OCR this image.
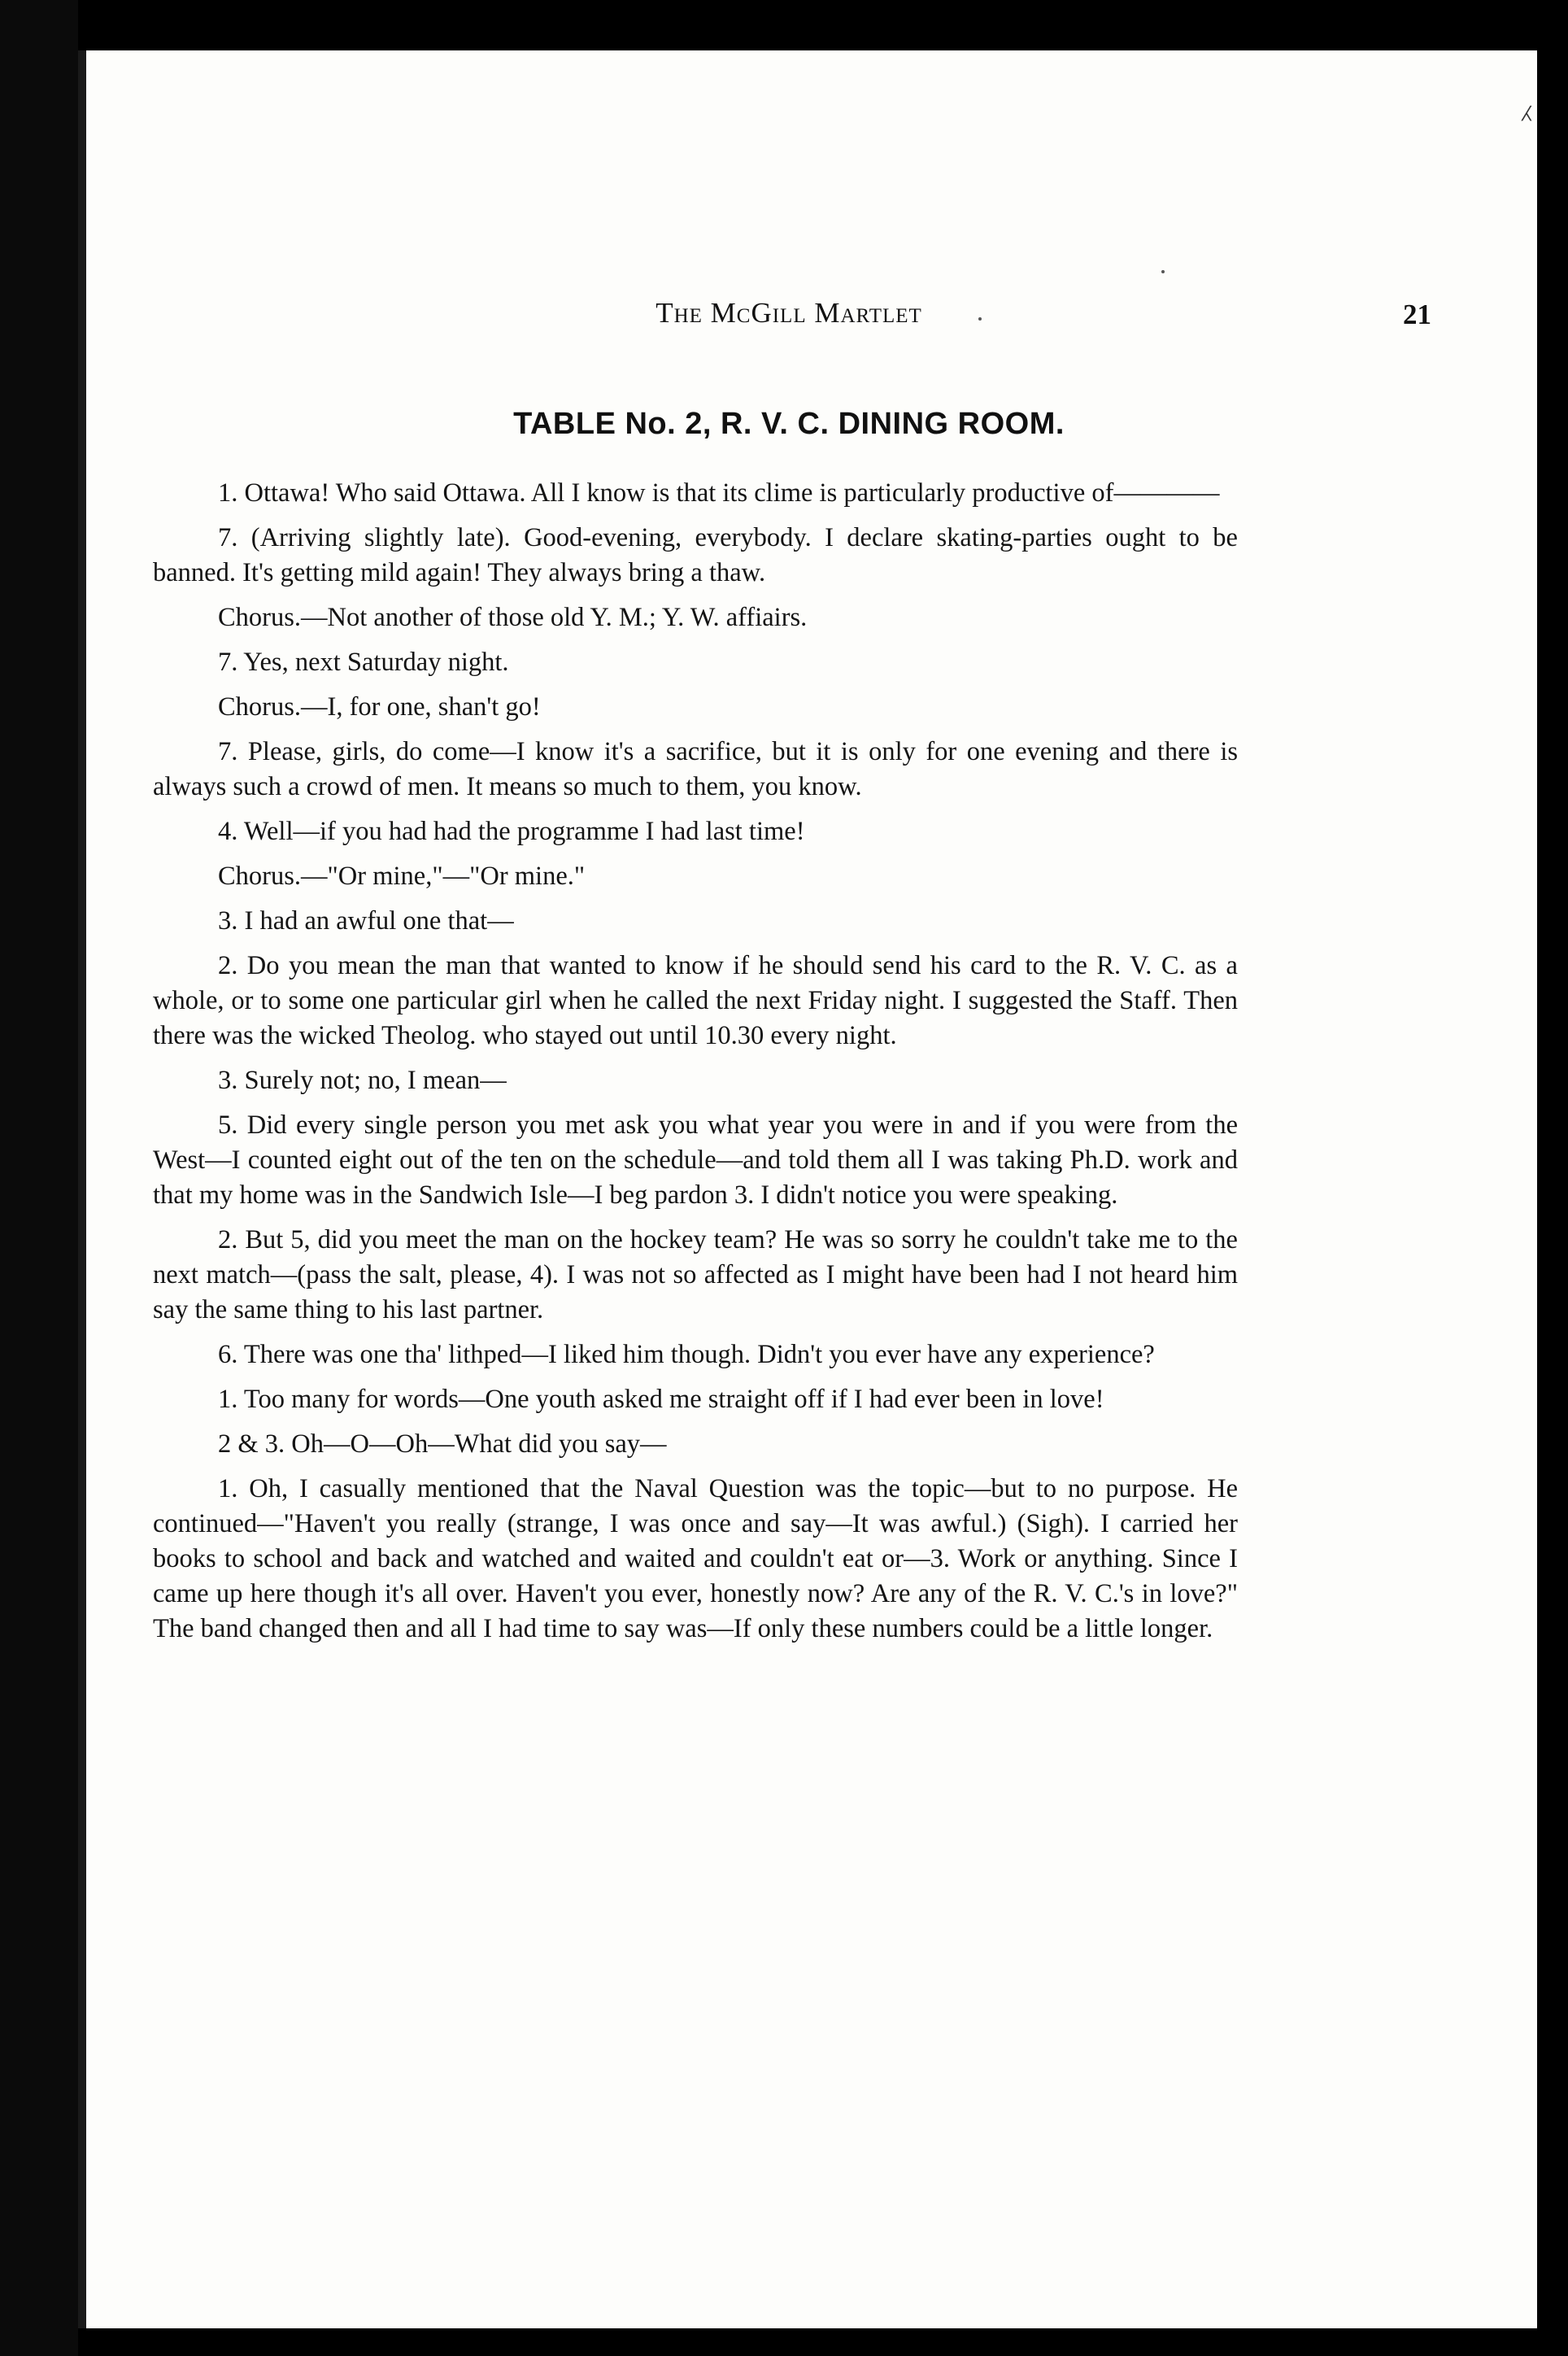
⁁
The McGill Martlet	21
TABLE No. 2, R. V. C. DINING ROOM.

1. Ottawa! Who said Ottawa. All I know is that its clime is particularly productive of————

7. (Arriving slightly late). Good-evening, everybody. I declare skating-parties ought to be banned. It's getting mild again! They always bring a thaw.

Chorus.—Not another of those old Y. M.; Y. W. affiairs.

7. Yes, next Saturday night.

Chorus.—I, for one, shan't go!

7. Please, girls, do come—I know it's a sacrifice, but it is only for one evening and there is always such a crowd of men. It means so much to them, you know.

4. Well—if you had had the programme I had last time!

Chorus.—"Or mine,"—"Or mine."

3. I had an awful one that—

2. Do you mean the man that wanted to know if he should send his card to the R. V. C. as a whole, or to some one particular girl when he called the next Friday night. I suggested the Staff. Then there was the wicked Theolog. who stayed out until 10.30 every night.

3. Surely not; no, I mean—

5. Did every single person you met ask you what year you were in and if you were from the West—I counted eight out of the ten on the schedule—and told them all I was taking Ph.D. work and that my home was in the Sandwich Isle—I beg pardon 3. I didn't notice you were speaking.

2. But 5, did you meet the man on the hockey team? He was so sorry he couldn't take me to the next match—(pass the salt, please, 4). I was not so affected as I might have been had I not heard him say the same thing to his last partner.

6. There was one tha' lithped—I liked him though. Didn't you ever have any experience?

1. Too many for words—One youth asked me straight off if I had ever been in love!

2 & 3. Oh—O—Oh—What did you say—

1. Oh, I casually mentioned that the Naval Question was the topic—but to no purpose. He continued—"Haven't you really (strange, I was once and say—It was awful.) (Sigh). I carried her books to school and back and watched and waited and couldn't eat or—3. Work or anything. Since I came up here though it's all over. Haven't you ever, honestly now? Are any of the R. V. C.'s in love?" The band changed then and all I had time to say was—If only these numbers could be a little longer.
